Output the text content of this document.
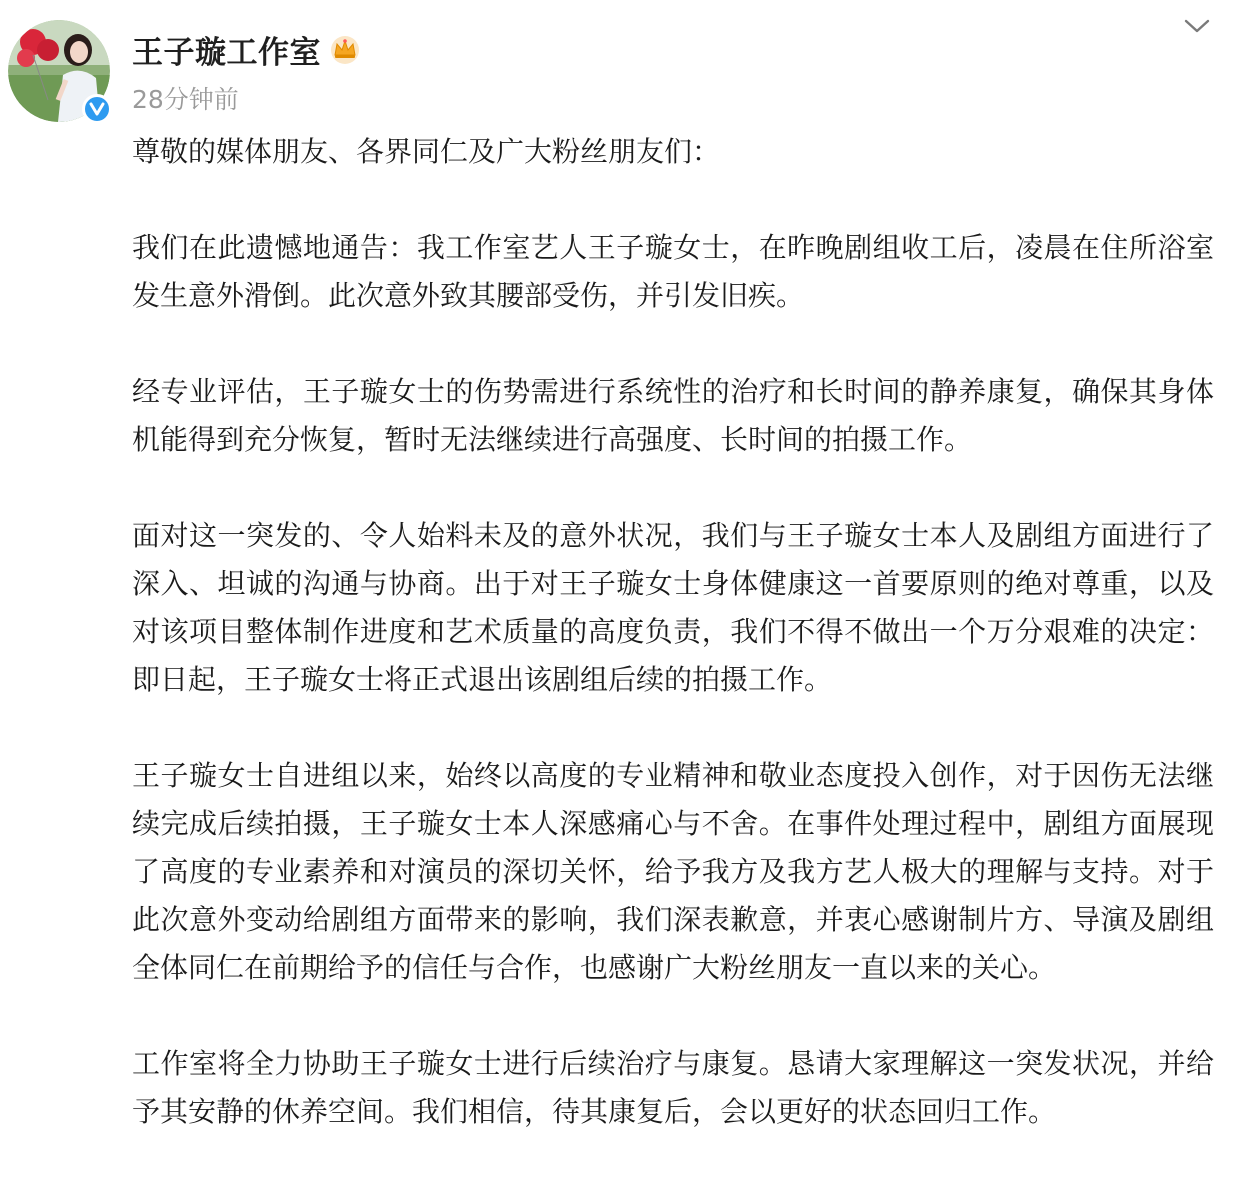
王子璇工作室
28分钟前

尊敬的媒体朋友、各界同仁及广大粉丝朋友们：

我们在此遗憾地通告：我工作室艺人王子璇女士，在昨晚剧组收工后，凌晨在住所浴室发生意外滑倒。此次意外致其腰部受伤，并引发旧疾。

经专业评估，王子璇女士的伤势需进行系统性的治疗和长时间的静养康复，确保其身体机能得到充分恢复，暂时无法继续进行高强度、长时间的拍摄工作。

面对这一突发的、令人始料未及的意外状况，我们与王子璇女士本人及剧组方面进行了深入、坦诚的沟通与协商。出于对王子璇女士身体健康这一首要原则的绝对尊重，以及对该项目整体制作进度和艺术质量的高度负责，我们不得不做出一个万分艰难的决定：即日起，王子璇女士将正式退出该剧组后续的拍摄工作。

王子璇女士自进组以来，始终以高度的专业精神和敬业态度投入创作，对于因伤无法继续完成后续拍摄，王子璇女士本人深感痛心与不舍。在事件处理过程中，剧组方面展现了高度的专业素养和对演员的深切关怀，给予我方及我方艺人极大的理解与支持。对于此次意外变动给剧组方面带来的影响，我们深表歉意，并衷心感谢制片方、导演及剧组全体同仁在前期给予的信任与合作，也感谢广大粉丝朋友一直以来的关心。

工作室将全力协助王子璇女士进行后续治疗与康复。恳请大家理解这一突发状况，并给予其安静的休养空间。我们相信，待其康复后，会以更好的状态回归工作。
